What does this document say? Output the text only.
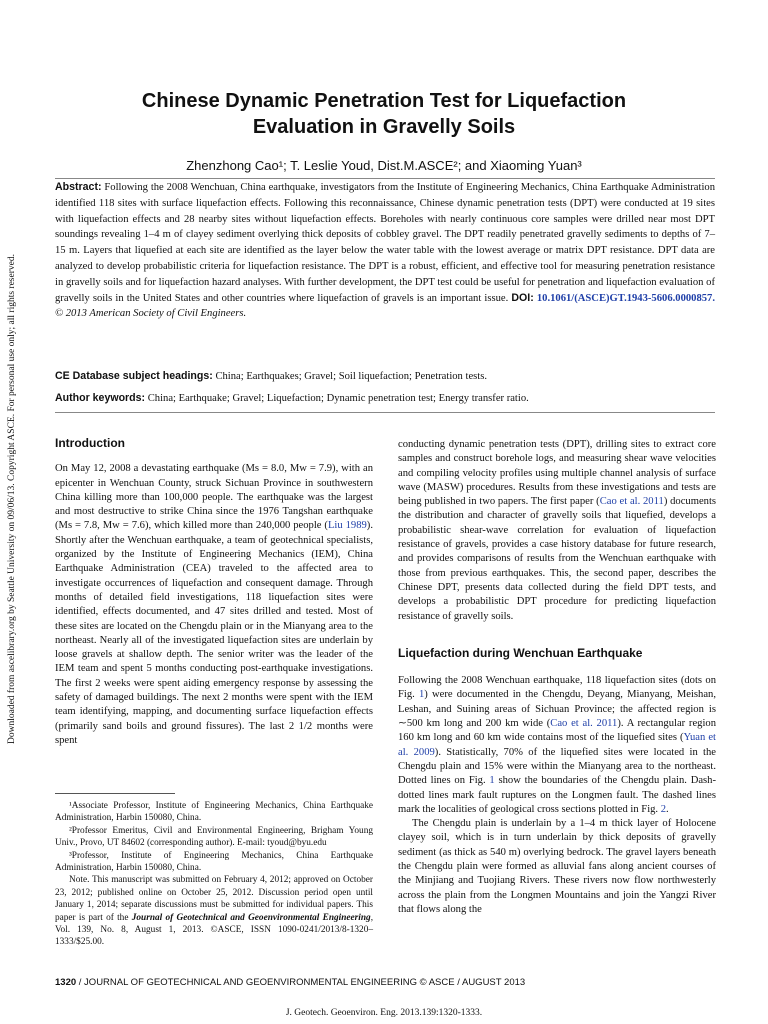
Downloaded from ascelibrary.org by Seattle University on 09/06/13. Copyright ASCE. For personal use only; all rights reserved.
Chinese Dynamic Penetration Test for Liquefaction
Evaluation in Gravelly Soils
Zhenzhong Cao¹; T. Leslie Youd, Dist.M.ASCE²; and Xiaoming Yuan³
Abstract: Following the 2008 Wenchuan, China earthquake, investigators from the Institute of Engineering Mechanics, China Earthquake Administration identified 118 sites with surface liquefaction effects. Following this reconnaissance, Chinese dynamic penetration tests (DPT) were conducted at 19 sites with liquefaction effects and 28 nearby sites without liquefaction effects. Boreholes with nearly continuous core samples were drilled near most DPT soundings revealing 1–4 m of clayey sediment overlying thick deposits of cobbley gravel. The DPT readily penetrated gravelly sediments to depths of 7–15 m. Layers that liquefied at each site are identified as the layer below the water table with the lowest average or matrix DPT resistance. DPT data are analyzed to develop probabilistic criteria for liquefaction resistance. The DPT is a robust, efficient, and effective tool for measuring penetration resistance in gravelly soils and for liquefaction hazard analyses. With further development, the DPT test could be useful for penetration and liquefaction evaluation of gravelly soils in the United States and other countries where liquefaction of gravels is an important issue. DOI: 10.1061/(ASCE)GT.1943-5606.0000857. © 2013 American Society of Civil Engineers.
CE Database subject headings: China; Earthquakes; Gravel; Soil liquefaction; Penetration tests.
Author keywords: China; Earthquake; Gravel; Liquefaction; Dynamic penetration test; Energy transfer ratio.
Introduction

On May 12, 2008 a devastating earthquake (Ms = 8.0, Mw = 7.9), with an epicenter in Wenchuan County, struck Sichuan Province in southwestern China killing more than 100,000 people. The earthquake was the largest and most destructive to strike China since the 1976 Tangshan earthquake (Ms = 7.8, Mw = 7.6), which killed more than 240,000 people (Liu 1989). Shortly after the Wenchuan earthquake, a team of geotechnical specialists, organized by the Institute of Engineering Mechanics (IEM), China Earthquake Administration (CEA) traveled to the affected area to investigate occurrences of liquefaction and consequent damage. Through months of detailed field investigations, 118 liquefaction sites were identified, effects documented, and 47 sites drilled and tested. Most of these sites are located on the Chengdu plain or in the Mianyang area to the northeast. Nearly all of the investigated liquefaction sites are underlain by loose gravels at shallow depth. The senior writer was the leader of the IEM team and spent 5 months conducting post-earthquake investigations. The first 2 weeks were spent aiding emergency response by assessing the safety of damaged buildings. The next 2 months were spent with the IEM team identifying, mapping, and documenting surface liquefaction effects (primarily sand boils and ground fissures). The last 2 1/2 months were spent

¹Associate Professor, Institute of Engineering Mechanics, China Earthquake Administration, Harbin 150080, China.

²Professor Emeritus, Civil and Environmental Engineering, Brigham Young Univ., Provo, UT 84602 (corresponding author). E-mail: tyoud@byu.edu

³Professor, Institute of Engineering Mechanics, China Earthquake Administration, Harbin 150080, China.

Note. This manuscript was submitted on February 4, 2012; approved on October 23, 2012; published online on October 25, 2012. Discussion period open until January 1, 2014; separate discussions must be submitted for individual papers. This paper is part of the Journal of Geotechnical and Geoenvironmental Engineering, Vol. 139, No. 8, August 1, 2013. ©ASCE, ISSN 1090-0241/2013/8-1320–1333/$25.00.

conducting dynamic penetration tests (DPT), drilling sites to extract core samples and construct borehole logs, and measuring shear wave velocities and compiling velocity profiles using multiple channel analysis of surface wave (MASW) procedures. Results from these investigations and tests are being published in two papers. The first paper (Cao et al. 2011) documents the distribution and character of gravelly soils that liquefied, develops a probabilistic shear-wave correlation for evaluation of liquefaction resistance of gravels, provides a case history database for future research, and provides comparisons of results from the Wenchuan earthquake with those from previous earthquakes. This, the second paper, describes the Chinese DPT, presents data collected during the field DPT tests, and develops a probabilistic DPT procedure for predicting liquefaction resistance of gravelly soils.

Liquefaction during Wenchuan Earthquake

Following the 2008 Wenchuan earthquake, 118 liquefaction sites (dots on Fig. 1) were documented in the Chengdu, Deyang, Mianyang, Meishan, Leshan, and Suining areas of Sichuan Province; the affected region is ∼500 km long and 200 km wide (Cao et al. 2011). A rectangular region 160 km long and 60 km wide contains most of the liquefied sites (Yuan et al. 2009). Statistically, 70% of the liquefied sites were located in the Chengdu plain and 15% were within the Mianyang area to the northeast. Dotted lines on Fig. 1 show the boundaries of the Chengdu plain. Dash-dotted lines mark fault ruptures on the Longmen fault. The dashed lines mark the localities of geological cross sections plotted in Fig. 2.

The Chengdu plain is underlain by a 1–4 m thick layer of Holocene clayey soil, which is in turn underlain by thick deposits of gravelly sediment (as thick as 540 m) overlying bedrock. The gravel layers beneath the Chengdu plain were formed as alluvial fans along ancient courses of the Minjiang and Tuojiang Rivers. These rivers now flow northwesterly across the plain from the Longmen Mountains and join the Yangzi River that flows along the

1320 / JOURNAL OF GEOTECHNICAL AND GEOENVIRONMENTAL ENGINEERING © ASCE / AUGUST 2013
J. Geotech. Geoenviron. Eng. 2013.139:1320-1333.
